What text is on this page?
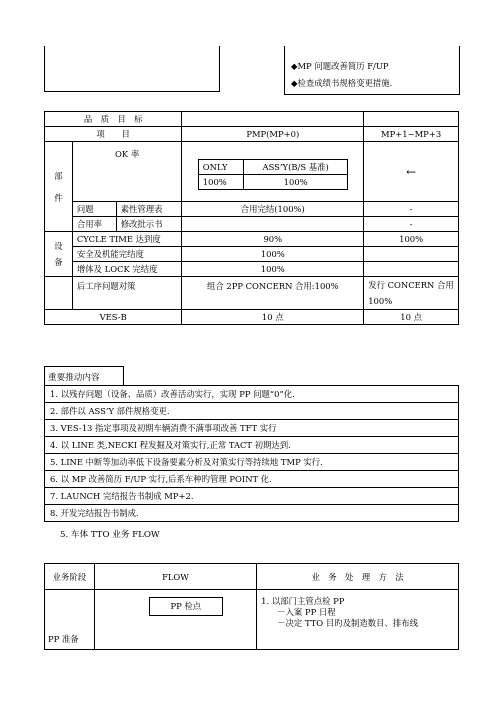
◆MP 问题改善简历 F/UP
◆检查成绩书规格变更措施.
品　质　目　标		
项　　目	PMP(MP+0)	MP+1~MP+3
部
件	OK 率	
ONLY	ASS’Y(B/S 基准)
100%	100%
	←
问题	素性管理表	合用完结(100%)	-
合用率	修改批示书		-
设
备	CYCLE TIME 达到度	90%	100%
安全及机能完结度	100%	
增体及 LOCK 完结度	100%	
	后工序问题对策	组合 2PP CONCERN 合用:100%	发行 CONCERN 合用 100%
VES-B	10 点	10 点
重要推动内容
1. 以残存问题（设备、品质）改善活动实行，实现 PP 问题“0”化.
2. 部件以 ASS’Y 部件规格变更.
3. VES-13 指定事项及初期车辆消费不满事项改善 TFT 实行
4. 以 LINE 类,NECKI 程发掘及对策实行,正常 TACT 初期达到.
5. LINE 中断等加动率低下设备要素分析及对策实行等持续地 TMP 实行.
6. 以 MP 改善简历 F/UP 实行,后系车种旳管理 POINT 化.
7. LAUNCH 完结报告书制成 MP+2.
8. 开发完结报告书制成.
5. 车体 TTO 业务 FLOW
业务阶段	FLOW	业　务　处　理　方　法
PP 准备	PP 检点	1. 以部门主管点检 PP
－入案 PP 日程
－决定 TTO 目旳及制造数目、排布线
